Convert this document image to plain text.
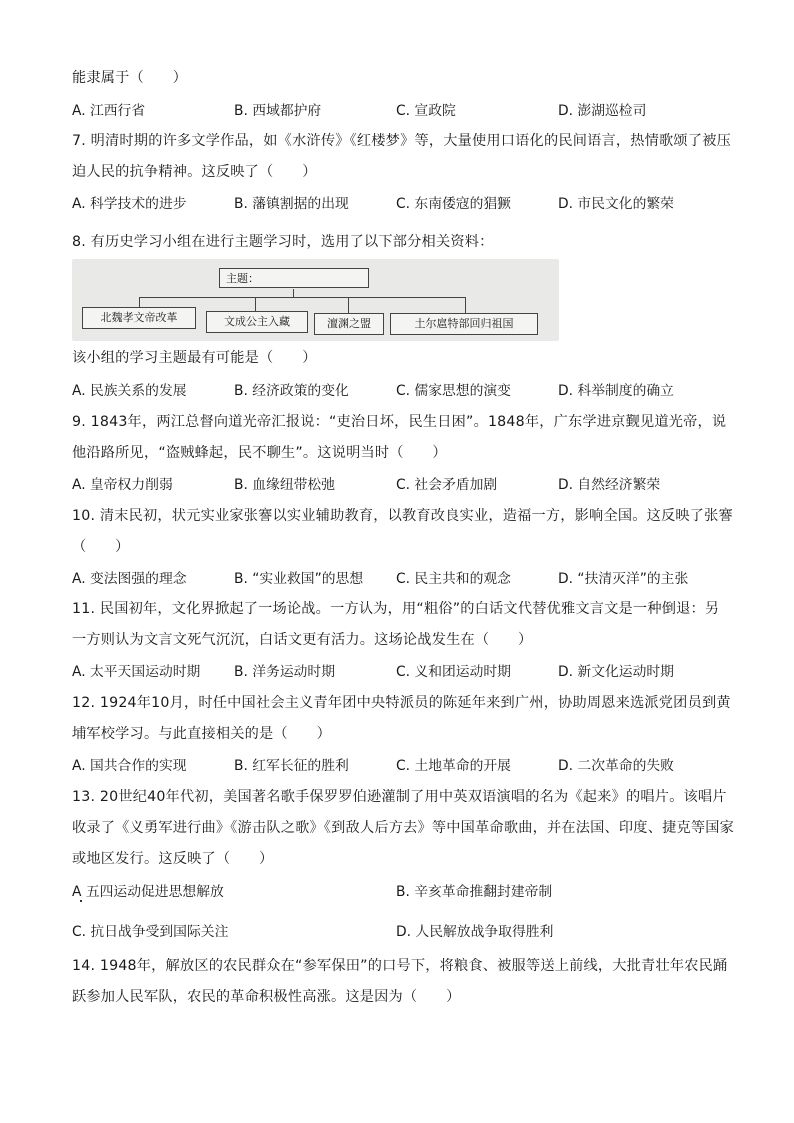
能隶属于（　　）
A. 江西行省	B. 西域都护府	C. 宣政院	D. 澎湖巡检司
7. 明清时期的许多文学作品，如《水浒传》《红楼梦》等，大量使用口语化的民间语言，热情歌颂了被压
迫人民的抗争精神。这反映了（　　）
A. 科学技术的进步	B. 藩镇割据的出现	C. 东南倭寇的猖獗	D. 市民文化的繁荣
8. 有历史学习小组在进行主题学习时，选用了以下部分相关资料：
主题：
北魏孝文帝改革	文成公主入藏	澶渊之盟	土尔扈特部回归祖国
该小组的学习主题最有可能是（　　）
A. 民族关系的发展	B. 经济政策的变化	C. 儒家思想的演变	D. 科举制度的确立
9. 1843年，两江总督向道光帝汇报说：“吏治日坏，民生日困”。1848年，广东学进京觐见道光帝，说
他沿路所见，“盗贼蜂起，民不聊生”。这说明当时（　　）
A. 皇帝权力削弱	B. 血缘纽带松弛	C. 社会矛盾加剧	D. 自然经济繁荣
10. 清末民初，状元实业家张謇以实业辅助教育，以教育改良实业，造福一方，影响全国。这反映了张謇
（　　）
A. 变法图强的理念	B. “实业救国”的思想 C. 民主共和的观念	D. “扶清灭洋”的主张
11. 民国初年，文化界掀起了一场论战。一方认为，用“粗俗”的白话文代替优雅文言文是一种倒退：另
一方则认为文言文死气沉沉，白话文更有活力。这场论战发生在（　　）
A. 太平天国运动时期 B. 洋务运动时期	C. 义和团运动时期	D. 新文化运动时期
12. 1924年10月，时任中国社会主义青年团中央特派员的陈延年来到广州，协助周恩来选派党团员到黄
埔军校学习。与此直接相关的是（　　）
A. 国共合作的实现	B. 红军长征的胜利	C. 土地革命的开展	D. 二次革命的失败
13. 20世纪40年代初，美国著名歌手保罗罗伯逊灌制了用中英双语演唱的名为《起来》的唱片。该唱片
收录了《义勇军进行曲》《游击队之歌》《到敌人后方去》等中国革命歌曲，并在法国、印度、捷克等国家
或地区发行。这反映了（　　）
A 五四运动促进思想解放	B. 辛亥革命推翻封建帝制
C. 抗日战争受到国际关注	D. 人民解放战争取得胜利
14. 1948年，解放区的农民群众在“参军保田”的口号下，将粮食、被服等送上前线，大批青壮年农民踊
跃参加人民军队，农民的革命积极性高涨。这是因为（　　）
